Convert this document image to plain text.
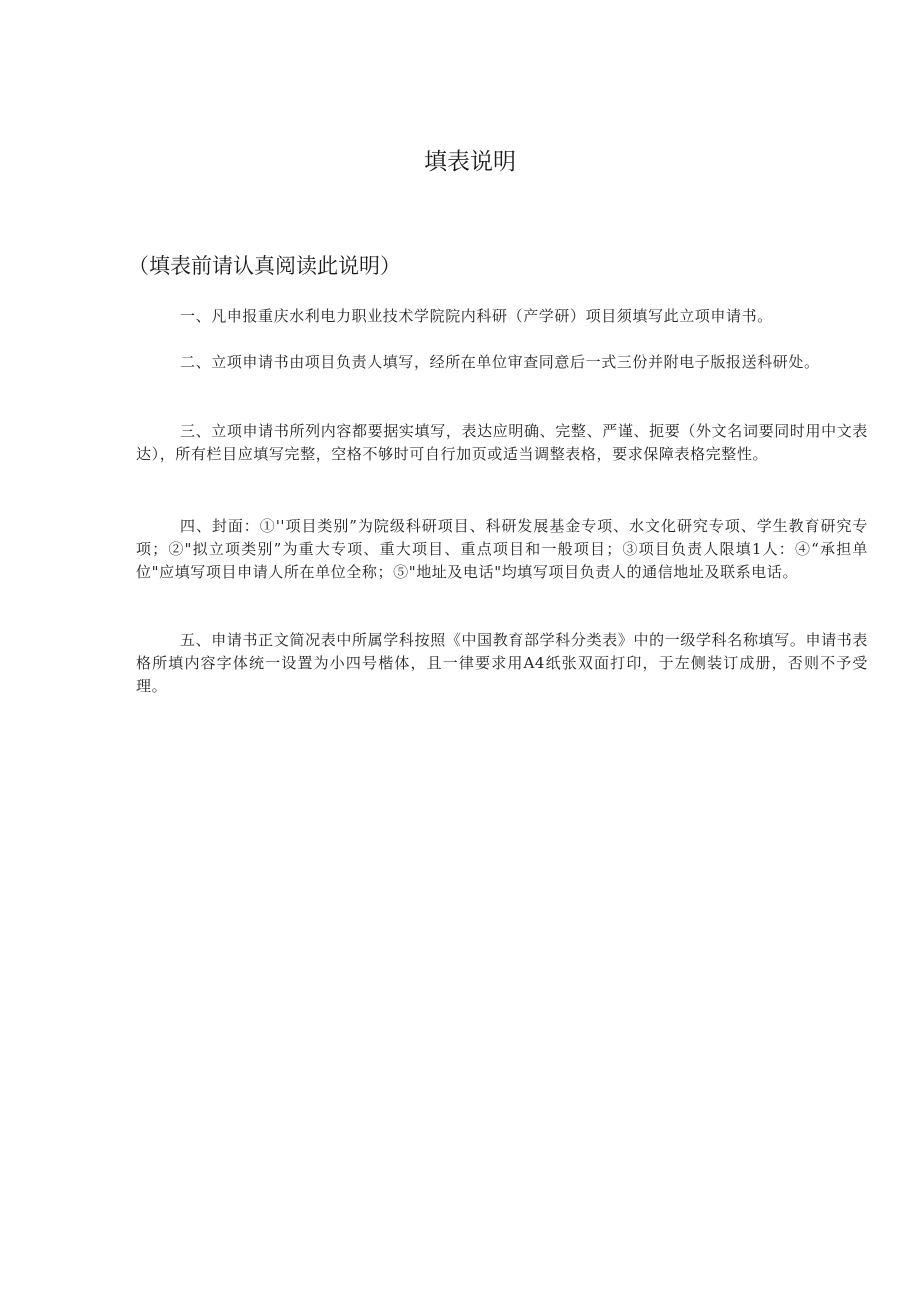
填表说明
（填表前请认真阅读此说明）

一、凡申报重庆水利电力职业技术学院院内科研（产学研）项目须填写此立项申请书。

二、立项申请书由项目负责人填写，经所在单位审查同意后一式三份并附电子版报送科研处。

三、立项申请书所列内容都要据实填写，表达应明确、完整、严谨、扼要（外文名词要同时用中文表达），所有栏目应填写完整，空格不够时可自行加页或适当调整表格，要求保障表格完整性。

四、封面：①''项目类别”为院级科研项目、科研发展基金专项、水文化研究专项、学生教育研究专项；②"拟立项类别”为重大专项、重大项目、重点项目和一般项目；③项目负责人限填1人：④“承担单位"应填写项目申请人所在单位全称；⑤"地址及电话"均填写项目负责人的通信地址及联系电话。

五、申请书正文简况表中所属学科按照《中国教育部学科分类表》中的一级学科名称填写。申请书表格所填内容字体统一设置为小四号楷体，且一律要求用A4纸张双面打印，于左侧装订成册，否则不予受理。
